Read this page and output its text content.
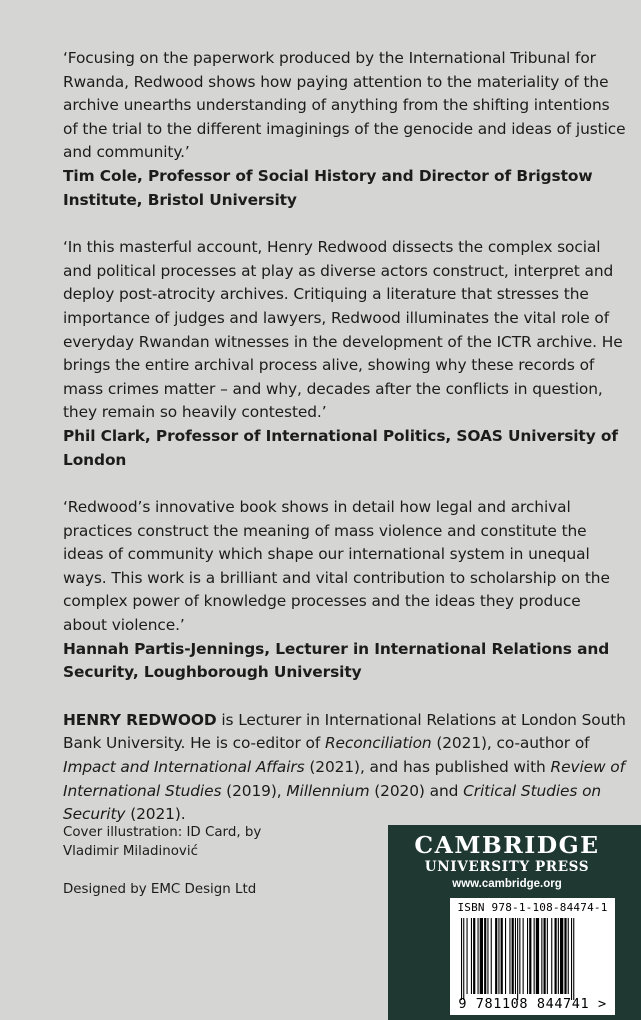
‘Focusing on the paperwork produced by the International Tribunal for Rwanda, Redwood shows how paying attention to the materiality of the archive unearths understanding of anything from the shifting intentions of the trial to the different imaginings of the genocide and ideas of justice and community.’
Tim Cole, Professor of Social History and Director of Brigstow Institute, Bristol University
‘In this masterful account, Henry Redwood dissects the complex social and political processes at play as diverse actors construct, interpret and deploy post-atrocity archives. Critiquing a literature that stresses the importance of judges and lawyers, Redwood illuminates the vital role of everyday Rwandan witnesses in the development of the ICTR archive. He brings the entire archival process alive, showing why these records of mass crimes matter – and why, decades after the conflicts in question, they remain so heavily contested.’
Phil Clark, Professor of International Politics, SOAS University of London
‘Redwood’s innovative book shows in detail how legal and archival practices construct the meaning of mass violence and constitute the ideas of community which shape our international system in unequal ways. This work is a brilliant and vital contribution to scholarship on the complex power of knowledge processes and the ideas they produce about violence.’
Hannah Partis-Jennings, Lecturer in International Relations and Security, Loughborough University

HENRY REDWOOD is Lecturer in International Relations at London South Bank University. He is co-editor of Reconciliation (2021), co-author of Impact and International Affairs (2021), and has published with Review of International Studies (2019), Millennium (2020) and Critical Studies on Security (2021).

Cover illustration: ID Card, by Vladimir Miladinović

Designed by EMC Design Ltd

CAMBRIDGE
UNIVERSITY PRESS
www.cambridge.org
ISBN 978-1-108-84474-1
9 781108 844741 >
